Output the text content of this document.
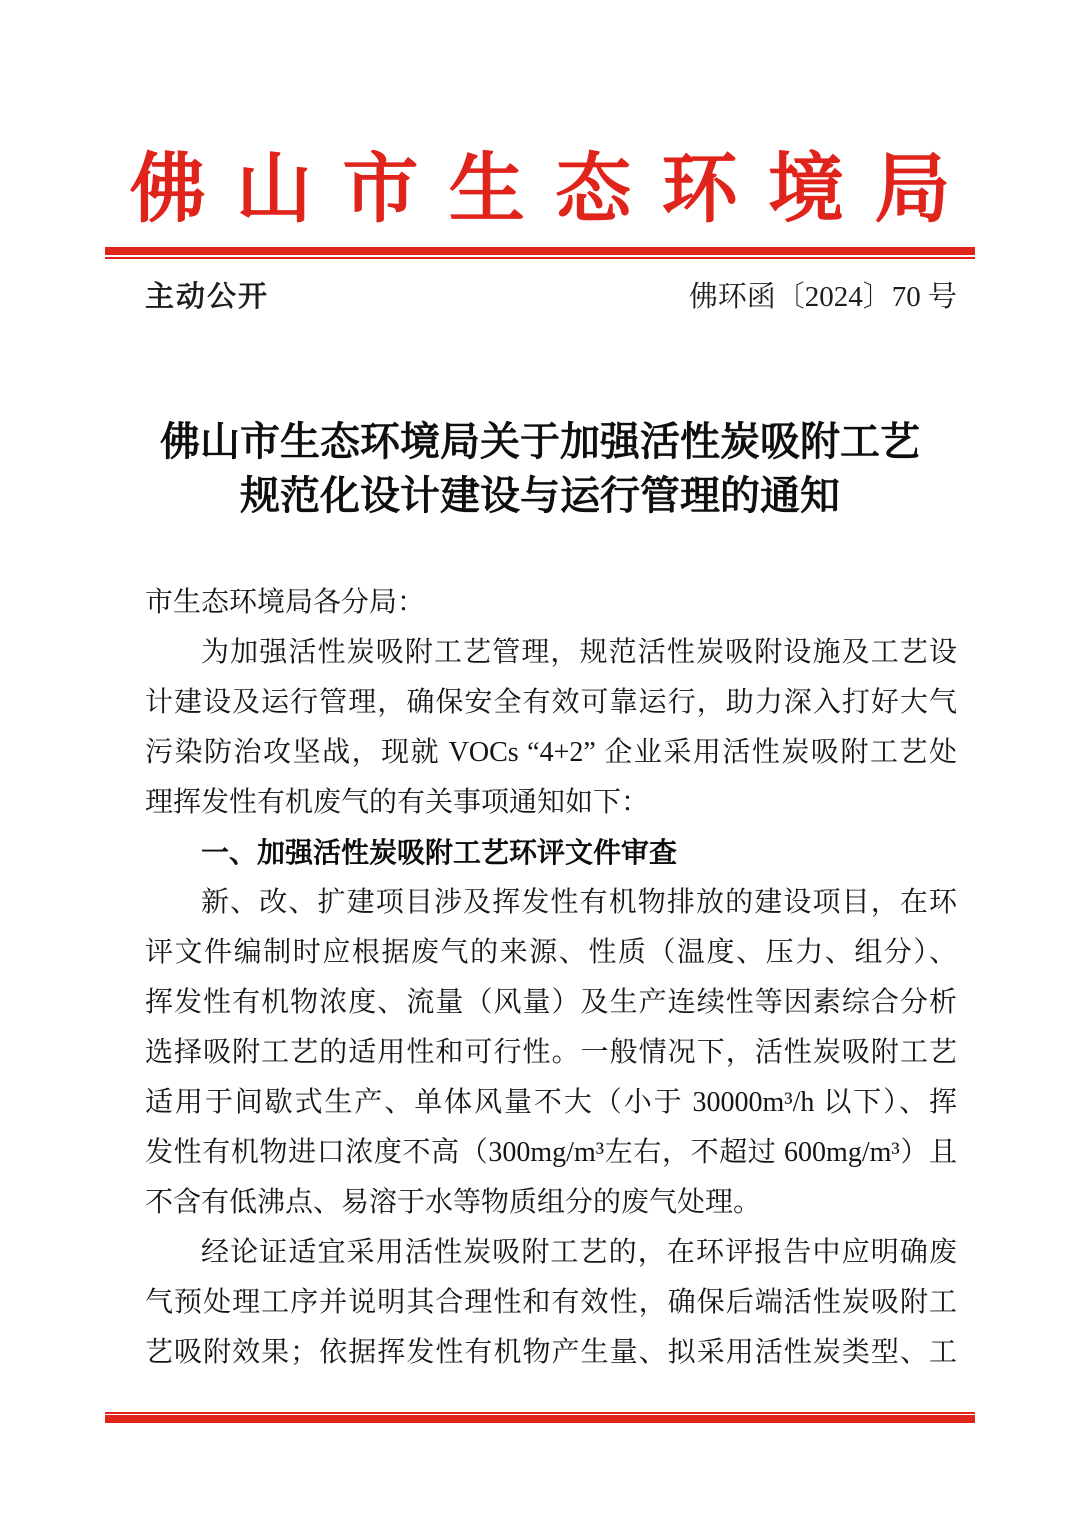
佛山市生态环境局
主动公开	佛环函〔2024〕70 号
佛山市生态环境局关于加强活性炭吸附工艺
规范化设计建设与运行管理的通知
市生态环境局各分局：
为加强活性炭吸附工艺管理，规范活性炭吸附设施及工艺设
计建设及运行管理，确保安全有效可靠运行，助力深入打好大气
污染防治攻坚战，现就 VOCs “4+2” 企业采用活性炭吸附工艺处
理挥发性有机废气的有关事项通知如下：
一、加强活性炭吸附工艺环评文件审查
新、改、扩建项目涉及挥发性有机物排放的建设项目，在环
评文件编制时应根据废气的来源、性质（温度、压力、组分）、
挥发性有机物浓度、流量（风量）及生产连续性等因素综合分析
选择吸附工艺的适用性和可行性。一般情况下，活性炭吸附工艺
适用于间歇式生产、单体风量不大（小于 30000m³/h 以下）、挥
发性有机物进口浓度不高（300mg/m³左右，不超过 600mg/m³）且
不含有低沸点、易溶于水等物质组分的废气处理。
经论证适宜采用活性炭吸附工艺的，在环评报告中应明确废
气预处理工序并说明其合理性和有效性，确保后端活性炭吸附工
艺吸附效果；依据挥发性有机物产生量、拟采用活性炭类型、工
